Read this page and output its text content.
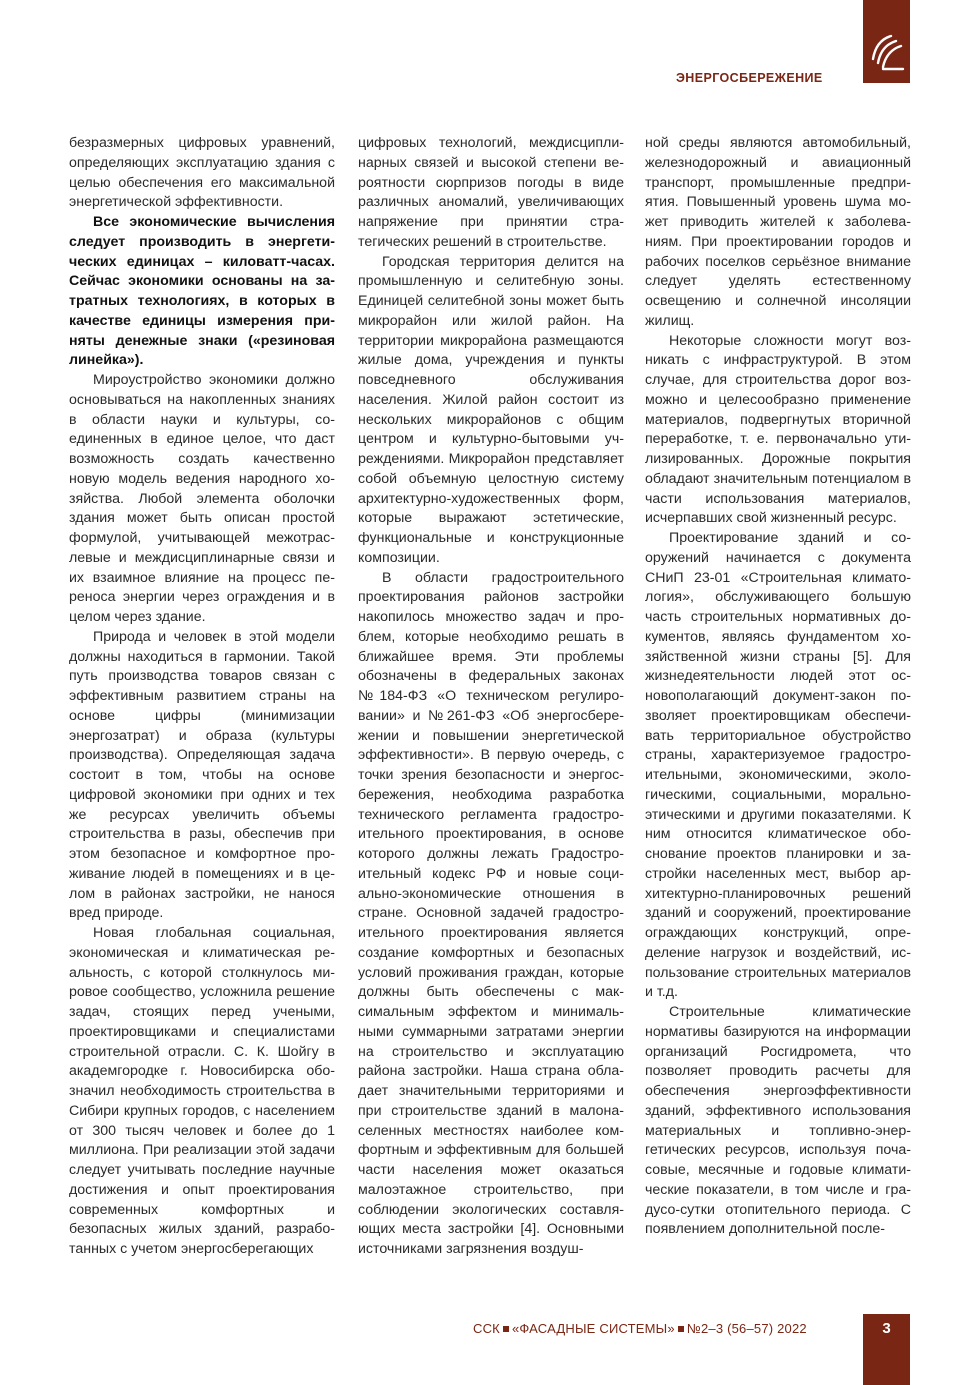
ЭНЕРГОСБЕРЕЖЕНИЕ

безразмерных цифровых уравнений, определяющих эксплуатацию здания с целью обеспечения его максимальной энергетической эффективности.

Все экономические вычисления следует производить в энергетических единицах – киловатт-часах. Сейчас экономики основаны на затратных технологиях, в которых в качестве единицы измерения приняты денежные знаки («резиновая линейка»).

Мироустройство экономики должно основываться на накопленных знаниях в области науки и культуры, соединенных в единое целое, что даст возможность создать качественно новую модель ведения народного хозяйства. Любой элемента оболочки здания может быть описан простой формулой, учитывающей межотраслевые и междисциплинарные связи и их взаимное влияние на процесс переноса энергии через ограждения и в целом через здание.

Природа и человек в этой модели должны находиться в гармонии. Такой путь производства товаров связан с эффективным развитием страны на основе цифры (минимизации энергозатрат) и образа (культуры производства). Определяющая задача состоит в том, чтобы на основе цифровой экономики при одних и тех же ресурсах увеличить объемы строительства в разы, обеспечив при этом безопасное и комфортное проживание людей в помещениях и в целом в районах застройки, не нанося вред природе.

Новая глобальная социальная, экономическая и климатическая реальность, с которой столкнулось мировое сообщество, усложнила решение задач, стоящих перед учеными, проектировщиками и специалистами строительной отрасли. С. К. Шойгу в академгородке г. Новосибирска обозначил необходимость строительства в Сибири крупных городов, с населением от 300 тысяч человек и более до 1 миллиона. При реализации этой задачи следует учитывать последние научные достижения и опыт проектирования современных комфортных и безопасных жилых зданий, разработанных с учетом энергосберегающих

цифровых технологий, междисциплинарных связей и высокой степени вероятности сюрпризов погоды в виде различных аномалий, увеличивающих напряжение при принятии стратегических решений в строительстве.

Городская территория делится на промышленную и селитебную зоны. Единицей селитебной зоны может быть микрорайон или жилой район. На территории микрорайона размещаются жилые дома, учреждения и пункты повседневного обслуживания населения. Жилой район состоит из нескольких микрорайонов с общим центром и культурно-бытовыми учреждениями. Микрорайон представляет собой объемную целостную систему архитектурно-художественных форм, которые выражают эстетические, функциональные и конструкционные композиции.

В области градостроительного проектирования районов застройки накопилось множество задач и проблем, которые необходимо решать в ближайшее время. Эти проблемы обозначены в федеральных законах №184-ФЗ «О техническом регулировании» и №261-ФЗ «Об энергосбережении и повышении энергетической эффективности». В первую очередь, с точки зрения безопасности и энергосбережения, необходима разработка технического регламента градостроительного проектирования, в основе которого должны лежать Градостроительный кодекс РФ и новые социально-экономические отношения в стране. Основной задачей градостроительного проектирования является создание комфортных и безопасных условий проживания граждан, которые должны быть обеспечены с максимальным эффектом и минимальными суммарными затратами энергии на строительство и эксплуатацию района застройки. Наша страна обладает значительными территориями и при строительстве зданий в малонаселенных местностях наиболее комфортным и эффективным для большей части населения может оказаться малоэтажное строительство, при соблюдении экологических составляющих места застройки [4]. Основными источниками загрязнения воздуш-

ной среды являются автомобильный, железнодорожный и авиационный транспорт, промышленные предприятия. Повышенный уровень шума может приводить жителей к заболеваниям. При проектировании городов и рабочих поселков серьёзное внимание следует уделять естественному освещению и солнечной инсоляции жилищ.

Некоторые сложности могут возникать с инфраструктурой. В этом случае, для строительства дорог возможно и целесообразно применение материалов, подвергнутых вторичной переработке, т. е. первоначально утилизированных. Дорожные покрытия обладают значительным потенциалом в части использования материалов, исчерпавших свой жизненный ресурс.

Проектирование зданий и сооружений начинается с документа СНиП 23-01 «Строительная климатология», обслуживающего большую часть строительных нормативных документов, являясь фундаментом хозяйственной жизни страны [5]. Для жизнедеятельности людей этот основополагающий документ-закон позволяет проектировщикам обеспечивать территориальное обустройство страны, характеризуемое градостроительными, экономическими, экологическими, социальными, морально-этическими и другими показателями. К ним относится климатическое обоснование проектов планировки и застройки населенных мест, выбор архитектурно-планировочных решений зданий и сооружений, проектирование ограждающих конструкций, определение нагрузок и воздействий, использование строительных материалов и т.д.

Строительные климатические нормативы базируются на информации организаций Росгидромета, что позволяет проводить расчеты для обеспечения энергоэффективности зданий, эффективного использования материальных и топливно-энергетических ресурсов, используя почасовые, месячные и годовые климатические показатели, в том числе и градусо-сутки отопительного периода. С появлением дополнительной после-

ССК «ФАСАДНЫЕ СИСТЕМЫ» №2–3 (56–57) 2022	3
